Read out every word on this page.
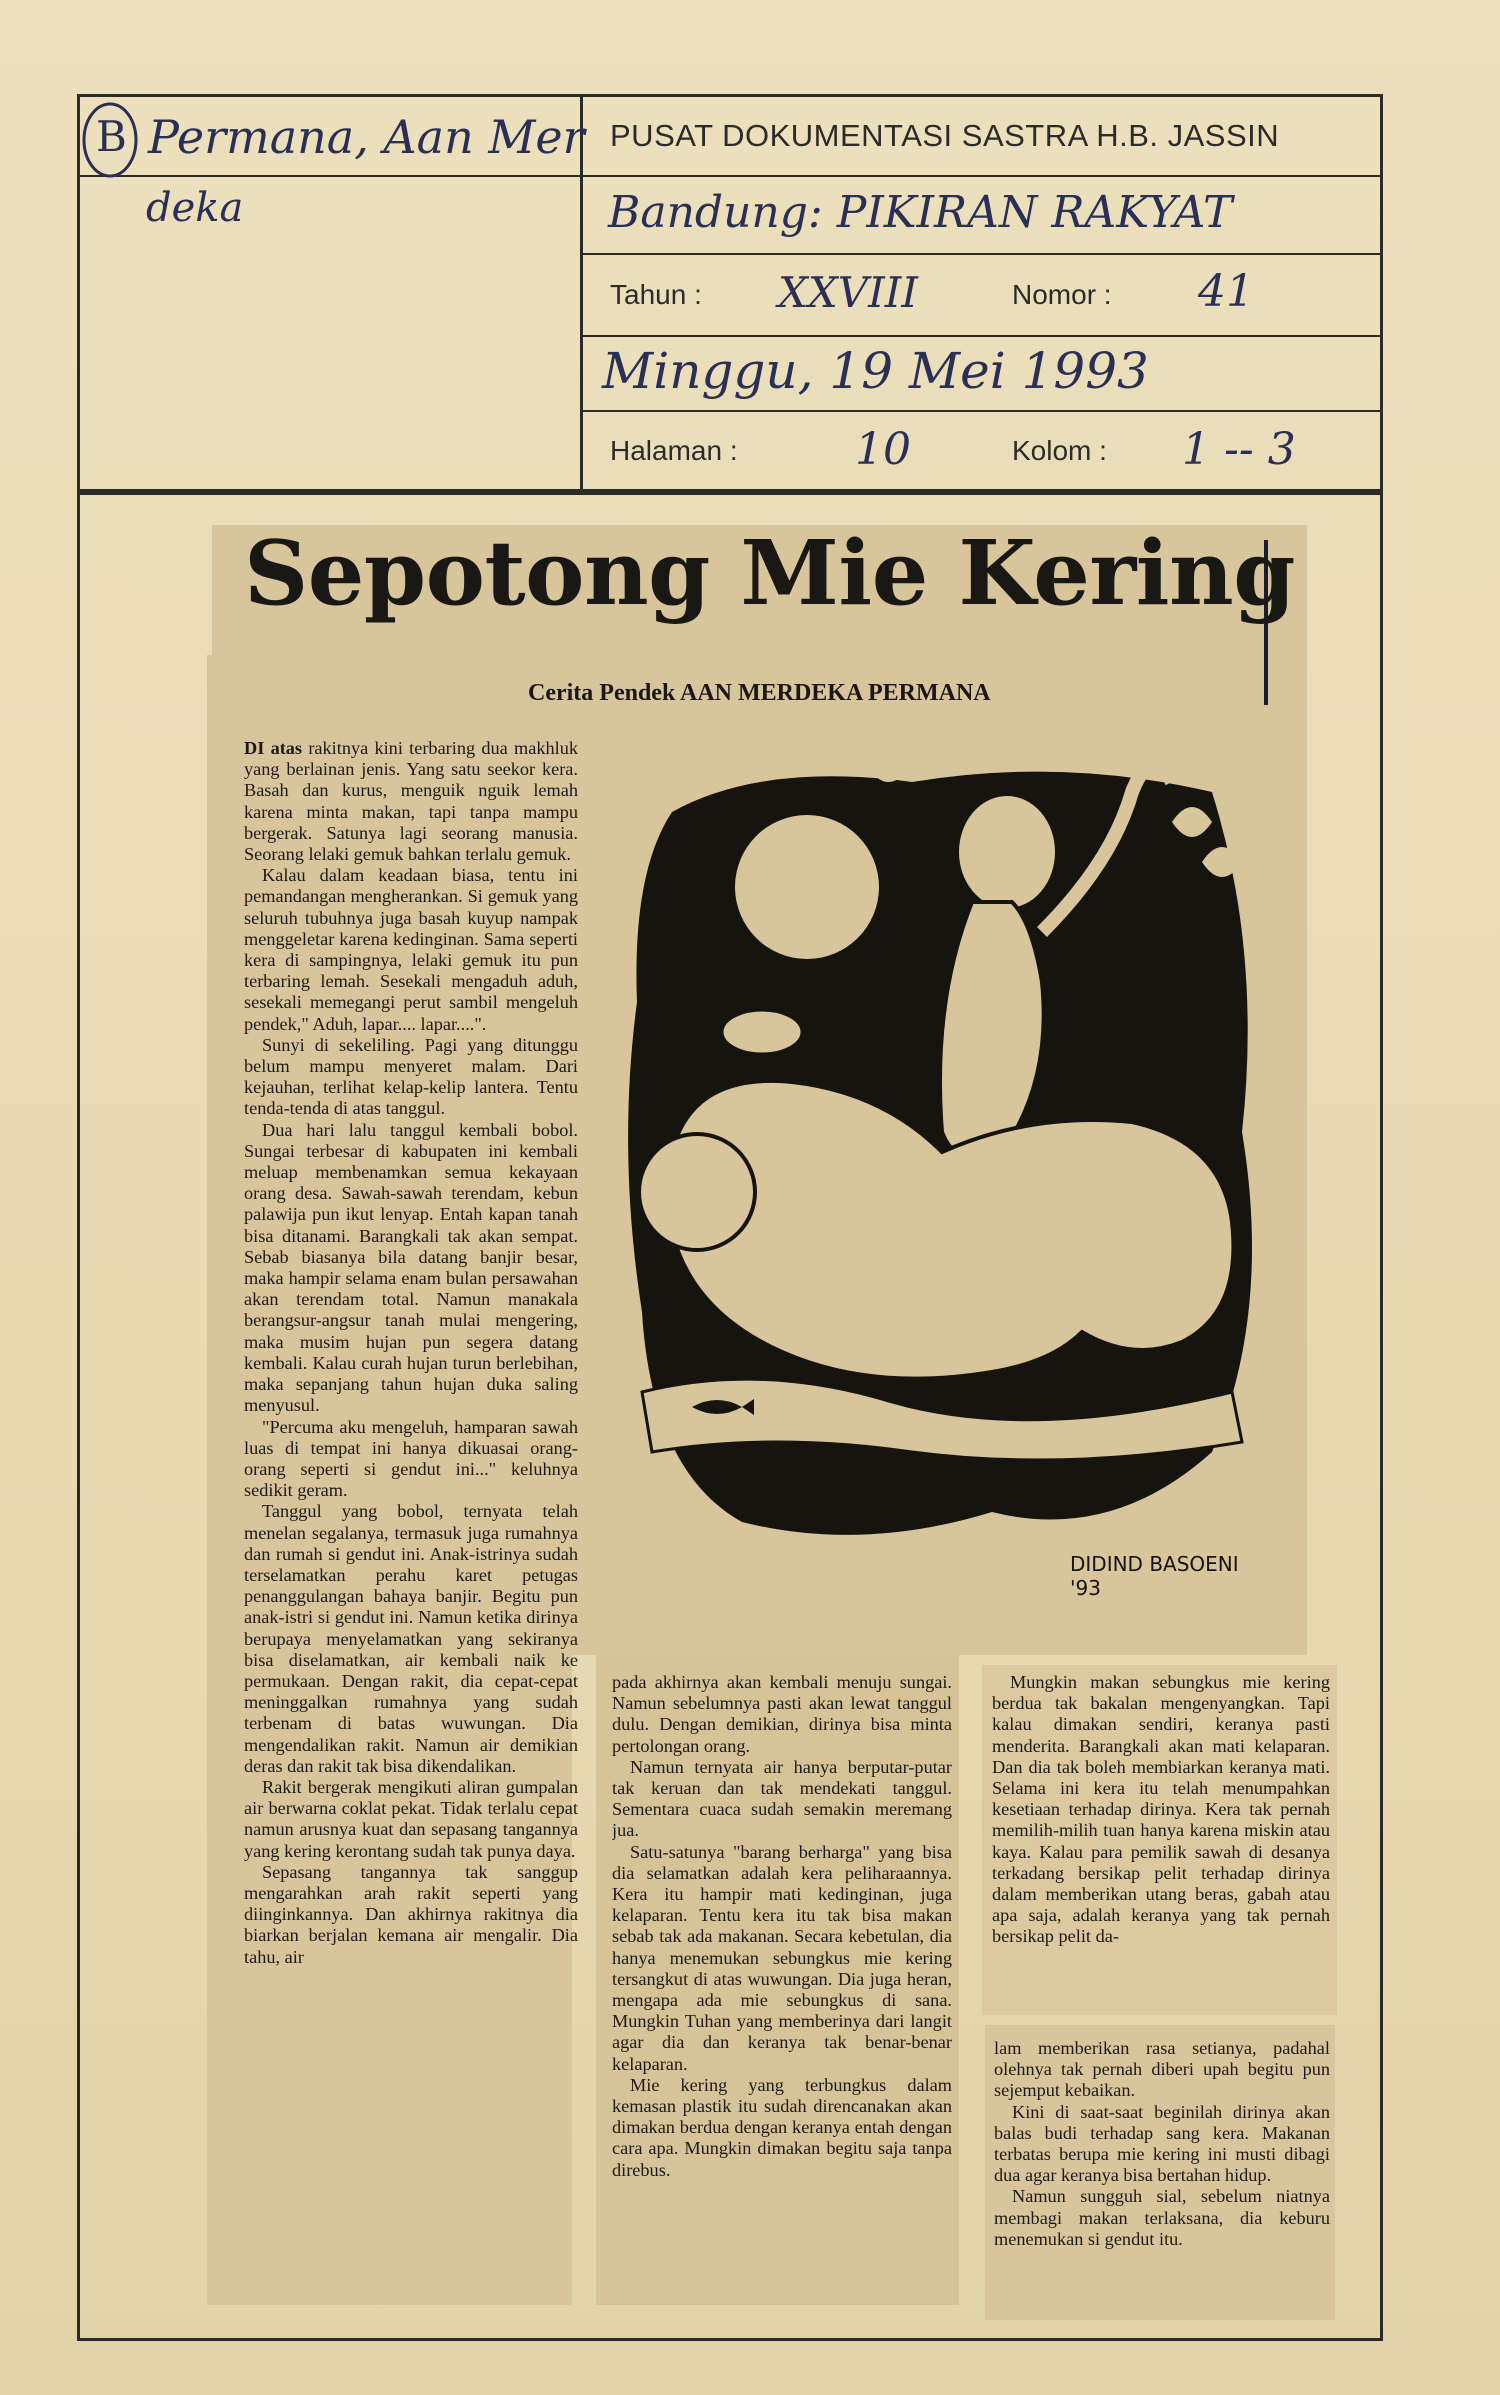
B Permana, Aan Mer
deka
PUSAT DOKUMENTASI SASTRA H.B. JASSIN
Bandung: PIKIRAN RAKYAT
Tahun : XXVIII	Nomor : 41
Minggu, 19 Mei 1993
Halaman :	10	Kolom : 1 -- 3
Sepotong Mie Kering
Cerita Pendek AAN MERDEKA PERMANA

DI atas rakitnya kini terbaring dua makhluk yang berlainan jenis. Yang satu seekor kera. Basah dan kurus, menguik nguik lemah karena minta makan, tapi tanpa mampu bergerak. Satunya lagi seorang manusia. Seorang lelaki gemuk bahkan terlalu gemuk.

Kalau dalam keadaan biasa, tentu ini pemandangan mengherankan. Si gemuk yang seluruh tubuhnya juga basah kuyup nampak menggeletar karena kedinginan. Sama seperti kera di sampingnya, lelaki gemuk itu pun terbaring lemah. Sesekali mengaduh aduh, sesekali memegangi perut sambil mengeluh pendek," Aduh, lapar.... lapar....".

Sunyi di sekeliling. Pagi yang ditunggu belum mampu menyeret malam. Dari kejauhan, terlihat kelap-kelip lantera. Tentu tenda-tenda di atas tanggul.

Dua hari lalu tanggul kembali bobol. Sungai terbesar di kabupaten ini kembali meluap membenamkan semua kekayaan orang desa. Sawah-sawah terendam, kebun palawija pun ikut lenyap. Entah kapan tanah bisa ditanami. Barangkali tak akan sempat. Sebab biasanya bila datang banjir besar, maka hampir selama enam bulan persawahan akan terendam total. Namun manakala berangsur-angsur tanah mulai mengering, maka musim hujan pun segera datang kembali. Kalau curah hujan turun berlebihan, maka sepanjang tahun hujan duka saling menyusul.

"Percuma aku mengeluh, hamparan sawah luas di tempat ini hanya dikuasai orang-orang seperti si gendut ini..." keluhnya sedikit geram.

Tanggul yang bobol, ternyata telah menelan segalanya, termasuk juga rumahnya dan rumah si gendut ini. Anak-istrinya sudah terselamatkan perahu karet petugas penanggulangan bahaya banjir. Begitu pun anak-istri si gendut ini. Namun ketika dirinya berupaya menyelamatkan yang sekiranya bisa diselamatkan, air kembali naik ke permukaan. Dengan rakit, dia cepat-cepat meninggalkan rumahnya yang sudah terbenam di batas wuwungan. Dia mengendalikan rakit. Namun air demikian deras dan rakit tak bisa dikendalikan.

Rakit bergerak mengikuti aliran gumpalan air berwarna coklat pekat. Tidak terlalu cepat namun arusnya kuat dan sepasang tangannya yang kering kerontang sudah tak punya daya.

Sepasang tangannya tak sanggup mengarahkan arah rakit seperti yang diinginkannya. Dan akhirnya rakitnya dia biarkan berjalan kemana air mengalir. Dia tahu, air

DIDIND BASOENI '93

pada akhirnya akan kembali menuju sungai. Namun sebelumnya pasti akan lewat tanggul dulu. Dengan demikian, dirinya bisa minta pertolongan orang.

Namun ternyata air hanya berputar-putar tak keruan dan tak mendekati tanggul. Sementara cuaca sudah semakin meremang jua.

Satu-satunya "barang berharga" yang bisa dia selamatkan adalah kera peliharaannya. Kera itu hampir mati kedinginan, juga kelaparan. Tentu kera itu tak bisa makan sebab tak ada makanan. Secara kebetulan, dia hanya menemukan sebungkus mie kering tersangkut di atas wuwungan. Dia juga heran, mengapa ada mie sebungkus di sana. Mungkin Tuhan yang memberinya dari langit agar dia dan keranya tak benar-benar kelaparan.

Mie kering yang terbungkus dalam kemasan plastik itu sudah direncanakan akan dimakan berdua dengan keranya entah dengan cara apa. Mungkin dimakan begitu saja tanpa direbus.

Mungkin makan sebungkus mie kering berdua tak bakalan mengenyangkan. Tapi kalau dimakan sendiri, keranya pasti menderita. Barangkali akan mati kelaparan. Dan dia tak boleh membiarkan keranya mati. Selama ini kera itu telah menumpahkan kesetiaan terhadap dirinya. Kera tak pernah memilih-milih tuan hanya karena miskin atau kaya. Kalau para pemilik sawah di desanya terkadang bersikap pelit terhadap dirinya dalam memberikan utang beras, gabah atau apa saja, adalah keranya yang tak pernah bersikap pelit da-

lam memberikan rasa setianya, padahal olehnya tak pernah diberi upah begitu pun sejemput kebaikan.

Kini di saat-saat beginilah dirinya akan balas budi terhadap sang kera. Makanan terbatas berupa mie kering ini musti dibagi dua agar keranya bisa bertahan hidup.

Namun sungguh sial, sebelum niatnya membagi makan terlaksana, dia keburu menemukan si gendut itu.
